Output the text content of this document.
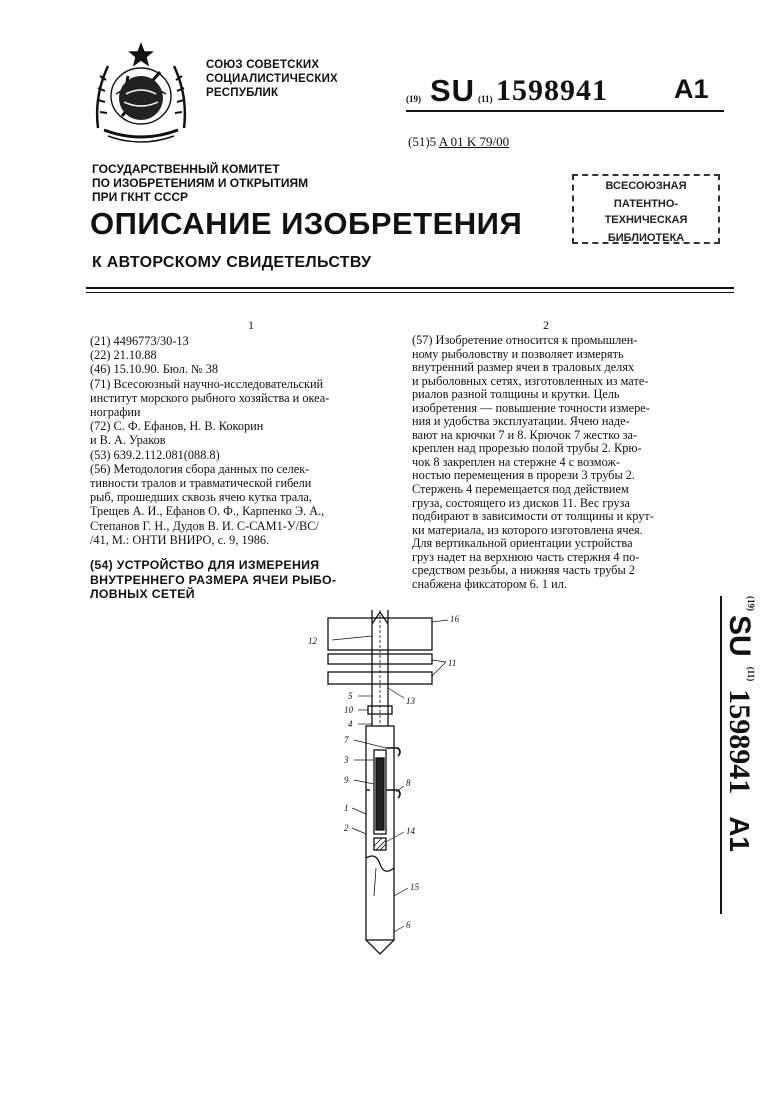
СОЮЗ СОВЕТСКИХ
СОЦИАЛИСТИЧЕСКИХ
РЕСПУБЛИК	(19) SU (11) 1598941 A1
(51)5 A 01 K 79/00
ГОСУДАРСТВЕННЫЙ КОМИТЕТ
ПО ИЗОБРЕТЕНИЯМ И ОТКРЫТИЯМ
ПРИ ГКНТ СССР
ВСЕСОЮЗНАЯ
ПАТЕНТНО-ТЕХНИЧЕСКАЯ
БИБЛИОТЕКА
ОПИСАНИЕ ИЗОБРЕТЕНИЯ
К АВТОРСКОМУ СВИДЕТЕЛЬСТВУ
1	2
(21) 4496773/30-13
(22) 21.10.88
(46) 15.10.90. Бюл. № 38
(71) Всесоюзный научно-исследовательский
институт морского рыбного хозяйства и океа-
нографии
(72) С. Ф. Ефанов, Н. В. Кокорин
и В. А. Ураков
(53) 639.2.112.081(088.8)
(56) Методология сбора данных по селек-
тивности тралов и травматической гибели
рыб, прошедших сквозь ячею кутка трала,
Трещев А. И., Ефанов О. Ф., Карпенко Э. А.,
Степанов Г. Н., Дудов В. И. С-САМ1-У/ВС/
/41, М.: ОНТИ ВНИРО, с. 9, 1986.
(54) УСТРОЙСТВО ДЛЯ ИЗМЕРЕНИЯ
ВНУТРЕННЕГО РАЗМЕРА ЯЧЕИ РЫБО-
ЛОВНЫХ СЕТЕЙ
(57) Изобретение относится к промышлен-
ному рыболовству и позволяет измерять
внутренний размер ячеи в траловых делях
и рыболовных сетях, изготовленных из мате-
риалов разной толщины и крутки. Цель
изобретения — повышение точности измере-
ния и удобства эксплуатации. Ячею наде-
вают на крючки 7 и 8. Крючок 7 жестко за-
креплен над прорезью полой трубы 2. Крю-
чок 8 закреплен на стержне 4 с возмож-
ностью перемещения в прорези 3 трубы 2.
Стержень 4 перемещается под действием
груза, состоящего из дисков 11. Вес груза
подбирают в зависимости от толщины и крут-
ки материала, из которого изготовлена ячея.
Для вертикальной ориентации устройства
груз надет на верхнюю часть стержня 4 по-
средством резьбы, а нижняя часть трубы 2
снабжена фиксатором 6. 1 ил.
$^{(19)}$ SU $^{(11)}$ 1598941 A1
16
12
11
5
10
13
4
7
3
9	8
1
2	14
15
6
